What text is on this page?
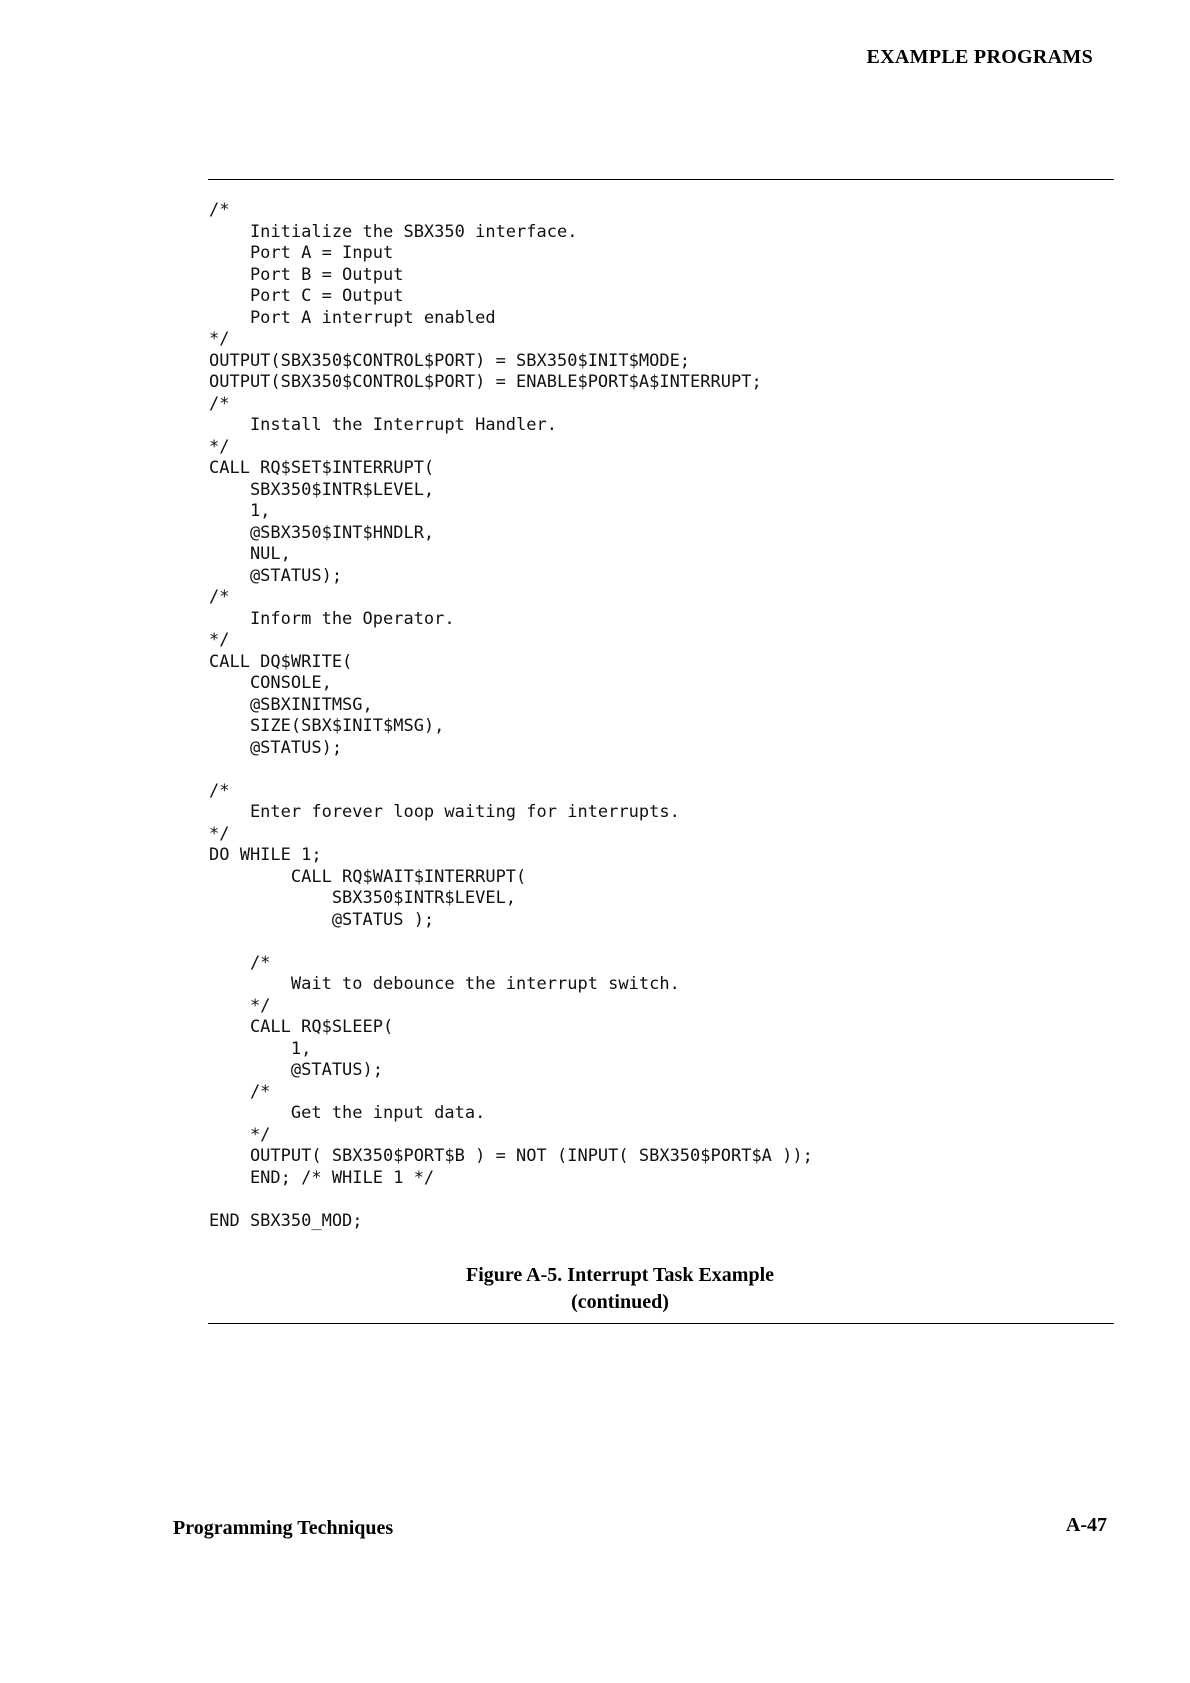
EXAMPLE PROGRAMS
/*
Initialize the SBX350 interface.
Port A = Input
Port B = Output
Port C = Output
Port A interrupt enabled
*/
OUTPUT(SBX350$CONTROL$PORT) = SBX350$INIT$MODE;
OUTPUT(SBX350$CONTROL$PORT) = ENABLE$PORT$A$INTERRUPT;
/*
Install the Interrupt Handler.
*/
CALL RQ$SET$INTERRUPT(
SBX350$INTR$LEVEL,
1,
@SBX350$INT$HNDLR,
NUL,
@STATUS);
/*
Inform the Operator.
*/
CALL DQ$WRITE(
CONSOLE,
@SBXINITMSG,
SIZE(SBX$INIT$MSG),
@STATUS);
/*
Enter forever loop waiting for interrupts.
*/
DO WHILE 1;
CALL RQ$WAIT$INTERRUPT(
SBX350$INTR$LEVEL,
@STATUS );
/*
Wait to debounce the interrupt switch.
*/
CALL RQ$SLEEP(
1,
@STATUS);
/*
Get the input data.
*/
OUTPUT( SBX350$PORT$B ) = NOT (INPUT( SBX350$PORT$A ));
END; /* WHILE 1 */
END SBX350_MOD;
Figure A-5. Interrupt Task Example
(continued)
Programming Techniques	A-47
